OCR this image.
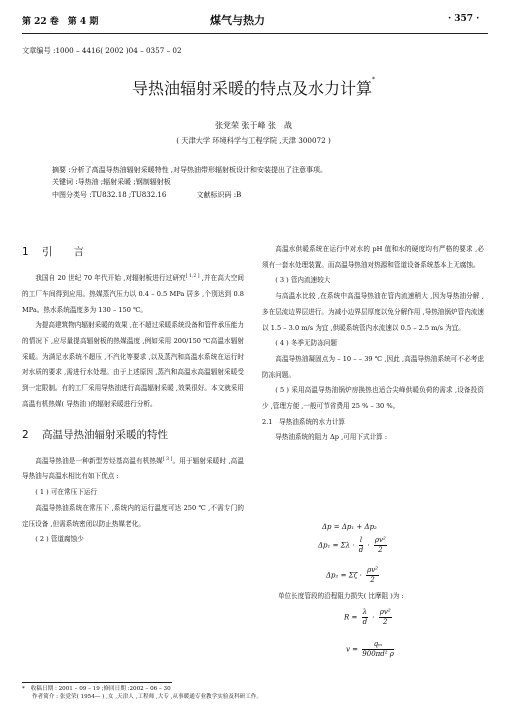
第 22 卷　第 4 期	煤气与热力	· 357 ·
文章编号 :1000 – 4416( 2002 )04 – 0357 – 02
导热油辐射采暖的特点及水力计算*
张党荣 张于峰 张　战
( 天津大学 环境科学与工程学院 ,天津 300072 )
摘要 :分析了高温导热油辐射采暖特性 ,对导热油带形辐射板设计和安装提出了注意事项。
关键词 :导热油 ;辐射采暖 ;钢制辐射板
中图分类号 :TU832.18 ;TU832.16	文献标识码 :B
1 引　　言
我国自 20 世纪 70 年代开始 ,对辐射板进行过研究[ 1,2 ] ,并在高大空间的工厂车间得到应用。热媒蒸汽压力以 0.4 – 0.5 MPa 居多 ,个别达到 0.8 MPa。热水系统温度多为 130 – 150 ℃。
为提高建筑物内辐射采暖的效果 ,在不超过采暖系统设备和管件承压能力的情况下 ,应尽量提高辐射板的热媒温度 ,例如采用 200/150 ℃高温水辐射采暖。为满足水系统不超压 ,不汽化等要求 ,以及蒸汽和高温水系统在运行时对水质的要求 ,需进行水处理。由于上述原因 ,蒸汽和高温水高温辐射采暖受到一定限制。有的工厂采用导热油进行高温辐射采暖 ,效果很好。本文就采用高温有机热媒( 导热油 )的辐射采暖进行分析。
2 高温导热油辐射采暖的特性
高温导热油是一种新型芳烃基高温有机热媒[ 3 ]。用于辐射采暖时 ,高温导热油与高温水相比有如下优点 :
( 1 ) 可在常压下运行
高温导热油系统在常压下 ,系统内的运行温度可达 250 ℃ ,不需专门的定压设备 ,但需系统密闭以防止热媒老化。
( 2 ) 管道腐蚀少
高温水供暖系统在运行中对水的 pH 值和水的硬度均有严格的要求 ,必须有一套水处理装置。而高温导热油对热源和管道设备系统基本上无腐蚀。
( 3 ) 管内流速较大
与高温水比较 ,在系统中高温导热油在管内流速稍大 ,因为导热油分解 ,多在层流边界层进行。为减小边界层厚度以免分解作用 ,导热油锅炉管内流速以 1.5 – 3.0 m/s 为宜 ,供暖系统管内水流速以 0.5 – 2.5 m/s 为宜。
( 4 ) 冬季无防冻问题
高温导热油凝固点为 – 10 – – 39 ℃ ,因此 ,高温导热油系统可不必考虑防冻问题。
( 5 ) 采用高温导热油锅炉房换热也适合尖峰供暖负荷的需求 ,设备投资少 ,管理方便 ,一般可节省费用 25 % – 30 %。
2.1　导热油系统的水力计算
导热油系统的阻力 Δp ,可用下式计算 :
Δp = Δp₁ + Δp₂
$\Delta p_1 = \Sigma\lambda \cdot \frac{l}{d} \cdot \frac{\text{ρv²}}{2}$
$\Delta p_2 = \Sigma\zeta \cdot \frac{\text{ρv²}}{2}$
单位长度管段的沿程阻力损失( 比摩阻 )为 :
$R = \frac{\lambda}{d} \cdot \frac{\text{ρv²}}{2}$
$v = \frac{\text{qₘ}}{\text{900πd² ρ}}$
* 收稿日期 : 2001 – 09 – 19 ;修回日期 :2002 – 06 – 30
作者简介 : 张党荣( 1954— ) ,女 ,天津人 ,工程师 ,大专 ,从事暖通专业教学实验及科研工作。
